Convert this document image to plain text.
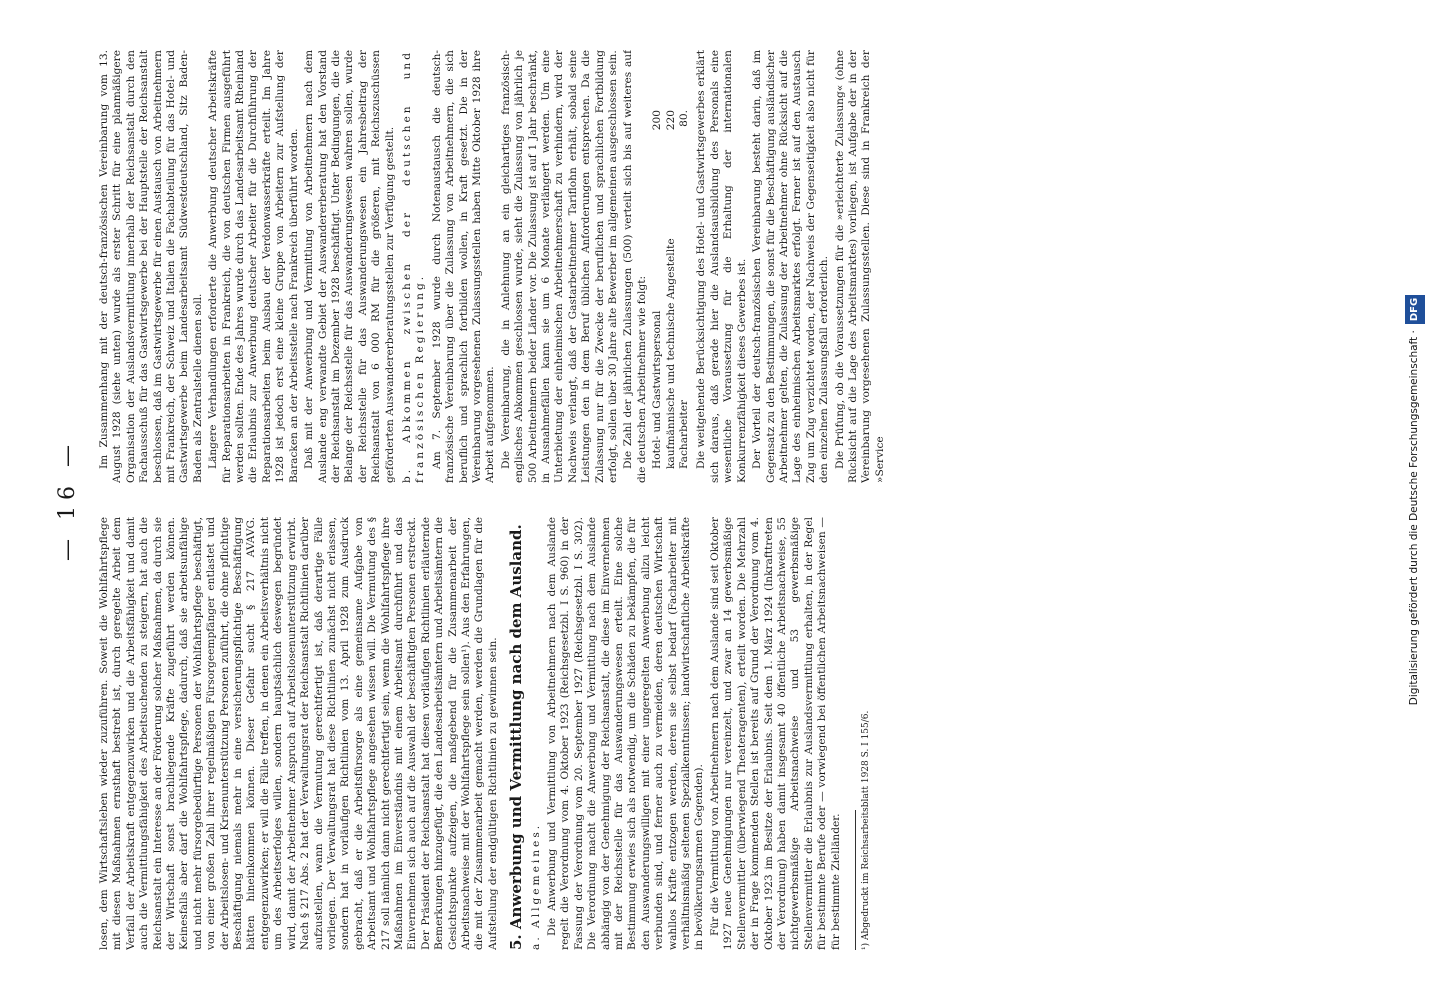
— 16 —

losen, dem Wirtschaftsleben wieder zuzuführen. Soweit die Wohlfahrtspflege mit diesen Maßnahmen ernsthaft bestrebt ist, durch geregelte Arbeit dem Verfall der Arbeitskraft entgegenzuwirken und die Arbeitsfähigkeit und damit auch die Vermittlungsfähigkeit des Arbeitsuchenden zu steigern, hat auch die Reichsanstalt ein Interesse an der Förderung solcher Maßnahmen, da durch sie der Wirtschaft sonst brachliegende Kräfte zugeführt werden können. Keinesfalls aber darf die Wohlfahrtspflege, dadurch, daß sie arbeitsunfähige und nicht mehr fürsorgebedürftige Personen der Wohlfahrtspflege beschäftigt, von einer großen Zahl ihrer regelmäßigen Fürsorgeempfänger entlastet und der Arbeitslosen- und Krisenunterstützung Personen zuführt, die ohne pflichtige Beschäftigung niemals mehr in eine versicherungspflichtige Beschäftigung hätten hineinkommen können. Dieser Gefahr sucht § 217 AVAVG. entgegenzuwirken; er will die Fälle treffen, in denen ein Arbeitsverhältnis nicht um des Arbeitserfolges willen, sondern hauptsächlich deswegen begründet wird, damit der Arbeitnehmer Anspruch auf Arbeitslosenunterstützung erwirbt. Nach § 217 Abs. 2 hat der Verwaltungsrat der Reichsanstalt Richtlinien darüber aufzustellen, wann die Vermutung gerechtfertigt ist, daß derartige Fälle vorliegen. Der Verwaltungsrat hat diese Richtlinien zunächst nicht erlassen, sondern hat in vorläufigen Richtlinien vom 13. April 1928 zum Ausdruck gebracht, daß er die Arbeitsfürsorge als eine gemeinsame Aufgabe von Arbeitsamt und Wohlfahrtspflege angesehen wissen will. Die Vermutung des § 217 soll nämlich dann nicht gerechtfertigt sein, wenn die Wohlfahrtspflege ihre Maßnahmen im Einverständnis mit einem Arbeitsamt durchführt und das Einvernehmen sich auch auf die Auswahl der beschäftigten Personen erstreckt. Der Präsident der Reichsanstalt hat diesen vorläufigen Richtlinien erläuternde Bemerkungen hinzugefügt, die den Landesarbeitsämtern und Arbeitsämtern die Gesichtspunkte aufzeigen, die maßgebend für die Zusammenarbeit der Arbeitsnachweise mit der Wohlfahrtspflege sein sollen¹). Aus den Erfahrungen, die mit der Zusammenarbeit gemacht werden, werden die Grundlagen für die Aufstellung der endgültigen Richtlinien zu gewinnen sein. 5. Anwerbung und Vermittlung nach dem Ausland. a. Allgemeines. Die Anwerbung und Vermittlung von Arbeitnehmern nach dem Auslande regelt die Verordnung vom 4. Oktober 1923 (Reichsgesetzbl. I S. 960) in der Fassung der Verordnung vom 20. September 1927 (Reichsgesetzbl. I S. 302). Die Verordnung macht die Anwerbung und Vermittlung nach dem Auslande abhängig von der Genehmigung der Reichsanstalt, die diese im Einvernehmen mit der Reichsstelle für das Auswanderungswesen erteilt. Eine solche Bestimmung erwies sich als notwendig, um die Schäden zu bekämpfen, die für den Auswanderungswilligen mit einer ungeregelten Anwerbung allzu leicht verbunden sind, und ferner auch zu vermeiden, deren deutschen Wirtschaft wahllos Kräfte entzogen werden, deren sie selbst bedarf (Facharbeiter mit verhältnismäßig seltenen Spezialkenntnissen; landwirtschaftliche Arbeitskräfte in bevölkerungsarmen Gegenden). Für die Vermittlung von Arbeitnehmern nach dem Auslande sind seit Oktober 1927 neue Genehmigungen nur vereinzelt, und zwar an 14 gewerbsmäßige Stellenvermittler (überwiegend Theateragenten), erteilt worden. Die Mehrzahl der in Frage kommenden Stellen ist bereits auf Grund der Verordnung vom 4. Oktober 1923 im Besitze der Erlaubnis. Seit dem 1. März 1924 (Inkrafttreten der Verordnung) haben damit insgesamt 40 öffentliche Arbeitsnachweise, 55 nichtgewerbsmäßige Arbeitsnachweise und 53 gewerbsmäßige Stellenvermittler die Erlaubnis zur Auslandsvermittlung erhalten, in der Regel für bestimmte Berufe oder — vorwiegend bei öffentlichen Arbeitsnachweisen — für bestimmte Zielländer. ¹) Abgedruckt im Reichsarbeitsblatt 1928 S. I 155/6.

Im Zusammenhang mit der deutsch-französischen Vereinbarung vom 13. August 1928 (siehe unten) wurde als erster Schritt für eine planmäßigere Organisation der Auslandsvermittlung innerhalb der Reichsanstalt durch den Fachausschuß für das Gastwirtsgewerbe bei der Hauptstelle der Reichsanstalt beschlossen, daß im Gastwirtsgewerbe für einen Austausch von Arbeitnehmern mit Frankreich, der Schweiz und Italien die Fachabteilung für das Hotel- und Gastwirtsgewerbe beim Landesarbeitsamt Südwestdeutschland, Sitz Baden-Baden als Zentralstelle dienen soll. Längere Verhandlungen erforderte die Anwerbung deutscher Arbeitskräfte für Reparationsarbeiten in Frankreich, die von deutschen Firmen ausgeführt werden sollten. Ende des Jahres wurde durch das Landesarbeitsamt Rheinland die Erlaubnis zur Anwerbung deutscher Arbeiter für die Durchführung der Reparationsarbeiten beim Ausbau der Verdonwasserkräfte erteilt. Im Jahre 1928 ist jedoch erst eine kleine Gruppe von Arbeitern zur Aufstellung der Baracken an der Arbeitsstelle nach Frankreich überführt worden. Daß mit der Anwerbung und Vermittlung von Arbeitnehmern nach dem Auslande eng verwandte Gebiet der Auswandererberatung hat den Vorstand der Reichsanstalt im Dezember 1928 beschäftigt. Unter Bedingungen, die die Belange der Reichsstelle für das Auswanderungswesen wahren sollen, wurde der Reichsstelle für das Auswanderungswesen ein Jahresbeitrag der Reichsanstalt von 6 000 RM für die größeren, mit Reichszuschüssen geförderten Auswandererberatungsstellen zur Verfügung gestellt. b. Abkommen zwischen der deutschen und französischen Regierung. Am 7. September 1928 wurde durch Notenaustausch die deutsch-französische Vereinbarung über die Zulassung von Arbeitnehmern, die sich beruflich und sprachlich fortbilden wollen, in Kraft gesetzt. Die in der Vereinbarung vorgesehenen Zulassungsstellen haben Mitte Oktober 1928 ihre Arbeit aufgenommen. Die Vereinbarung, die in Anlehnung an ein gleichartiges französisch-englisches Abkommen geschlossen wurde, sieht die Zulassung von jährlich je 500 Arbeitnehmern beider Länder vor. Die Zulassung ist auf 1 Jahr beschränkt, in Ausnahmefällen kann sie um 6 Monate verlängert werden. Um eine Unterbietung der einheimischen Arbeitnehmerschaft zu verhindern, wird der Nachweis verlangt, daß der Gastarbeitnehmer Tariflohn erhält, sobald seine Leistungen den in dem Beruf üblichen Anforderungen entsprechen. Da die Zulassung nur für die Zwecke der beruflichen und sprachlichen Fortbildung erfolgt, sollen über 30 Jahre alte Bewerber im allgemeinen ausgeschlossen sein. Die Zahl der jährlichen Zulassungen (500) verteilt sich bis auf weiteres auf die deutschen Arbeitnehmer wie folgt: Hotel- und Gastwirtspersonal
200
kaufmännische und technische Angestellte
220
Facharbeiter
80. Die weitgehende Berücksichtigung des Hotel- und Gastwirtsgewerbes erklärt sich daraus, daß gerade hier die Auslandsausbildung des Personals eine wesentliche Voraussetzung für die Erhaltung der internationalen Konkurrenzfähigkeit dieses Gewerbes ist. Der Vorteil der deutsch-französischen Vereinbarung besteht darin, daß im Gegensatz zu den Bestimmungen, die sonst für die Beschäftigung ausländischer Arbeitnehmer gelten, die Zulassung der Arbeitnehmer ohne Rücksicht auf die Lage des einheimischen Arbeitsmarktes erfolgt. Ferner ist auf den Austausch Zug um Zug verzichtet worden, der Nachweis der Gegenseitigkeit also nicht für den einzelnen Zulassungsfall erforderlich. Die Prüfung, ob die Voraussetzungen für die »erleichterte Zulassung« (ohne Rücksicht auf die Lage des Arbeitsmarktes) vorliegen, ist Aufgabe der in der Vereinbarung vorgesehenen Zulassungsstellen. Diese sind in Frankreich der »Service	Digitalisierung gefördert durch die Deutsche Forschungsgemeinschaft ·DFG
